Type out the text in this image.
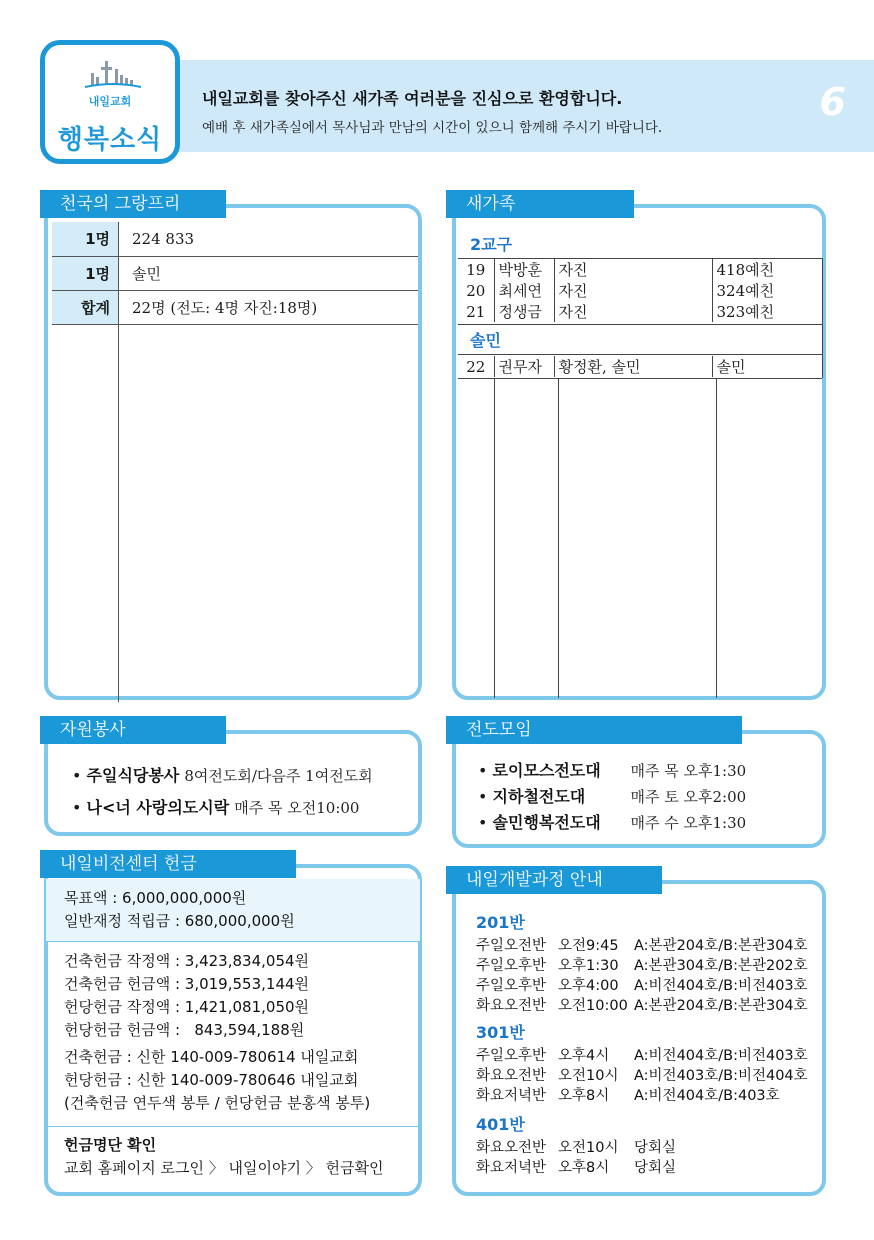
내일교회
행복소식
내일교회를 찾아주신 새가족 여러분을 진심으로 환영합니다.
예배 후 새가족실에서 목사님과 만남의 시간이 있으니 함께해 주시기 바랍니다.
6
천국의 그랑프리
1명	224 833
1명	솔민
합계	22명 (전도: 4명 자진:18명)
새가족
2교구
19	박방훈	자진	418예친
20	최세연	자진	324예친
21	정생금	자진	323예친
솔민
22	권무자	황정환, 솔민	솔민
자원봉사
• 주일식당봉사 8여전도회/다음주 1여전도회
• 나<너 사랑의도시락 매주 목 오전10:00
전도모임
• 로이모스전도대 매주 목 오후1:30
• 지하철전도대	매주 토 오후2:00
• 솔민행복전도대 매주 수 오후1:30
내일비전센터 헌금
목표액 : 6,000,000,000원
일반재정 적립금 : 680,000,000원
건축헌금 작정액 : 3,423,834,054원
건축헌금 헌금액 : 3,019,553,144원
헌당헌금 작정액 : 1,421,081,050원
헌당헌금 헌금액 :   843,594,188원
건축헌금 : 신한 140-009-780614 내일교회
헌당헌금 : 신한 140-009-780646 내일교회
(건축헌금 연두색 봉투 / 헌당헌금 분홍색 봉투)
헌금명단 확인
교회 홈페이지 로그인 〉 내일이야기 〉 헌금확인
내일개발과정 안내
201반
주일오전반 오전9:45 A:본관204호/B:본관304호
주일오후반 오후1:30 A:본관304호/B:본관202호
주일오후반 오후4:00 A:비전404호/B:비전403호
화요오전반 오전10:00 A:본관204호/B:본관304호
301반
주일오후반 오후4시 A:비전404호/B:비전403호
화요오전반 오전10시 A:비전403호/B:비전404호
화요저녁반 오후8시 A:비전404호/B:403호
401반
화요오전반 오전10시 당회실
화요저녁반 오후8시 당회실
